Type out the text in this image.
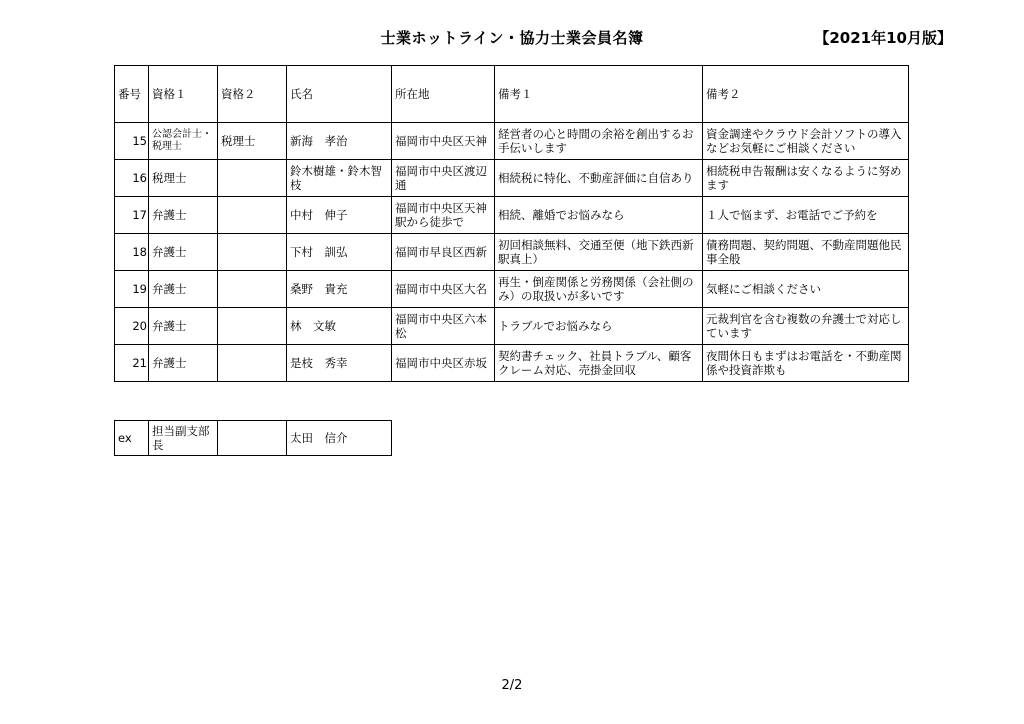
士業ホットライン・協力士業会員名簿	【2021年10月版】
番号	資格１	資格２	氏名	所在地	備考１	備考２
15	公認会計士・税理士	税理士	新海　孝治	福岡市中央区天神	経営者の心と時間の余裕を創出するお手伝いします	資金調達やクラウド会計ソフトの導入などお気軽にご相談ください
16	税理士		鈴木樹雄・鈴木智枝	福岡市中央区渡辺通	相続税に特化、不動産評価に自信あり	相続税申告報酬は安くなるように努めます
17	弁護士		中村　伸子	福岡市中央区天神駅から徒歩で	相続、離婚でお悩みなら	１人で悩まず、お電話でご予約を
18	弁護士		下村　訓弘	福岡市早良区西新	初回相談無料、交通至便（地下鉄西新駅真上）	債務問題、契約問題、不動産問題他民事全般
19	弁護士		桑野　貴充	福岡市中央区大名	再生・倒産関係と労務関係（会社側のみ）の取扱いが多いです	気軽にご相談ください
20	弁護士		林　文敏	福岡市中央区六本松	トラブルでお悩みなら	元裁判官を含む複数の弁護士で対応しています
21	弁護士		是枝　秀幸	福岡市中央区赤坂	契約書チェック、社員トラブル、顧客クレーム対応、売掛金回収	夜間休日もまずはお電話を・不動産関係や投資詐欺も
ex	担当副支部長		太田　信介
2/2
